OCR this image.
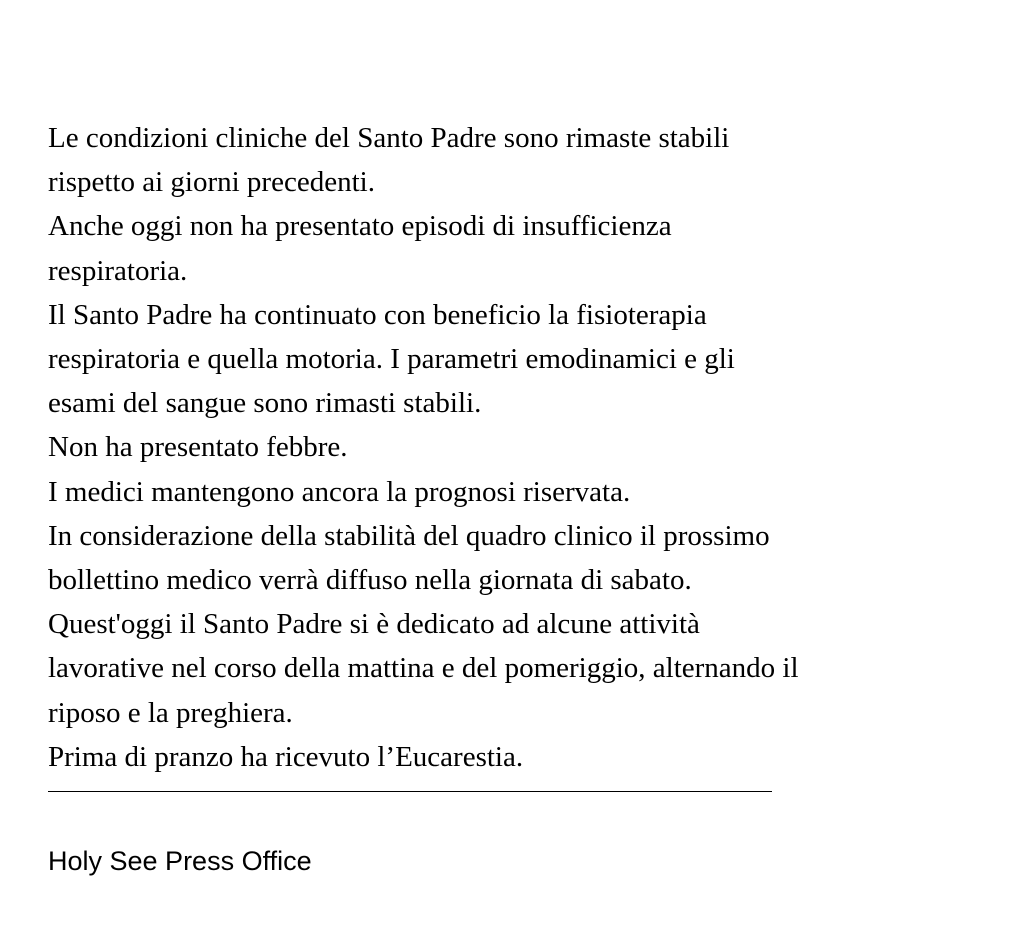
Le condizioni cliniche del Santo Padre sono rimaste stabili
rispetto ai giorni precedenti.
Anche oggi non ha presentato episodi di insufficienza
respiratoria.
Il Santo Padre ha continuato con beneficio la fisioterapia
respiratoria e quella motoria. I parametri emodinamici e gli
esami del sangue sono rimasti stabili.
Non ha presentato febbre.
I medici mantengono ancora la prognosi riservata.
In considerazione della stabilità del quadro clinico il prossimo
bollettino medico verrà diffuso nella giornata di sabato.
Quest'oggi il Santo Padre si è dedicato ad alcune attività
lavorative nel corso della mattina e del pomeriggio, alternando il
riposo e la preghiera.
Prima di pranzo ha ricevuto l’Eucarestia.
Holy See Press Office
